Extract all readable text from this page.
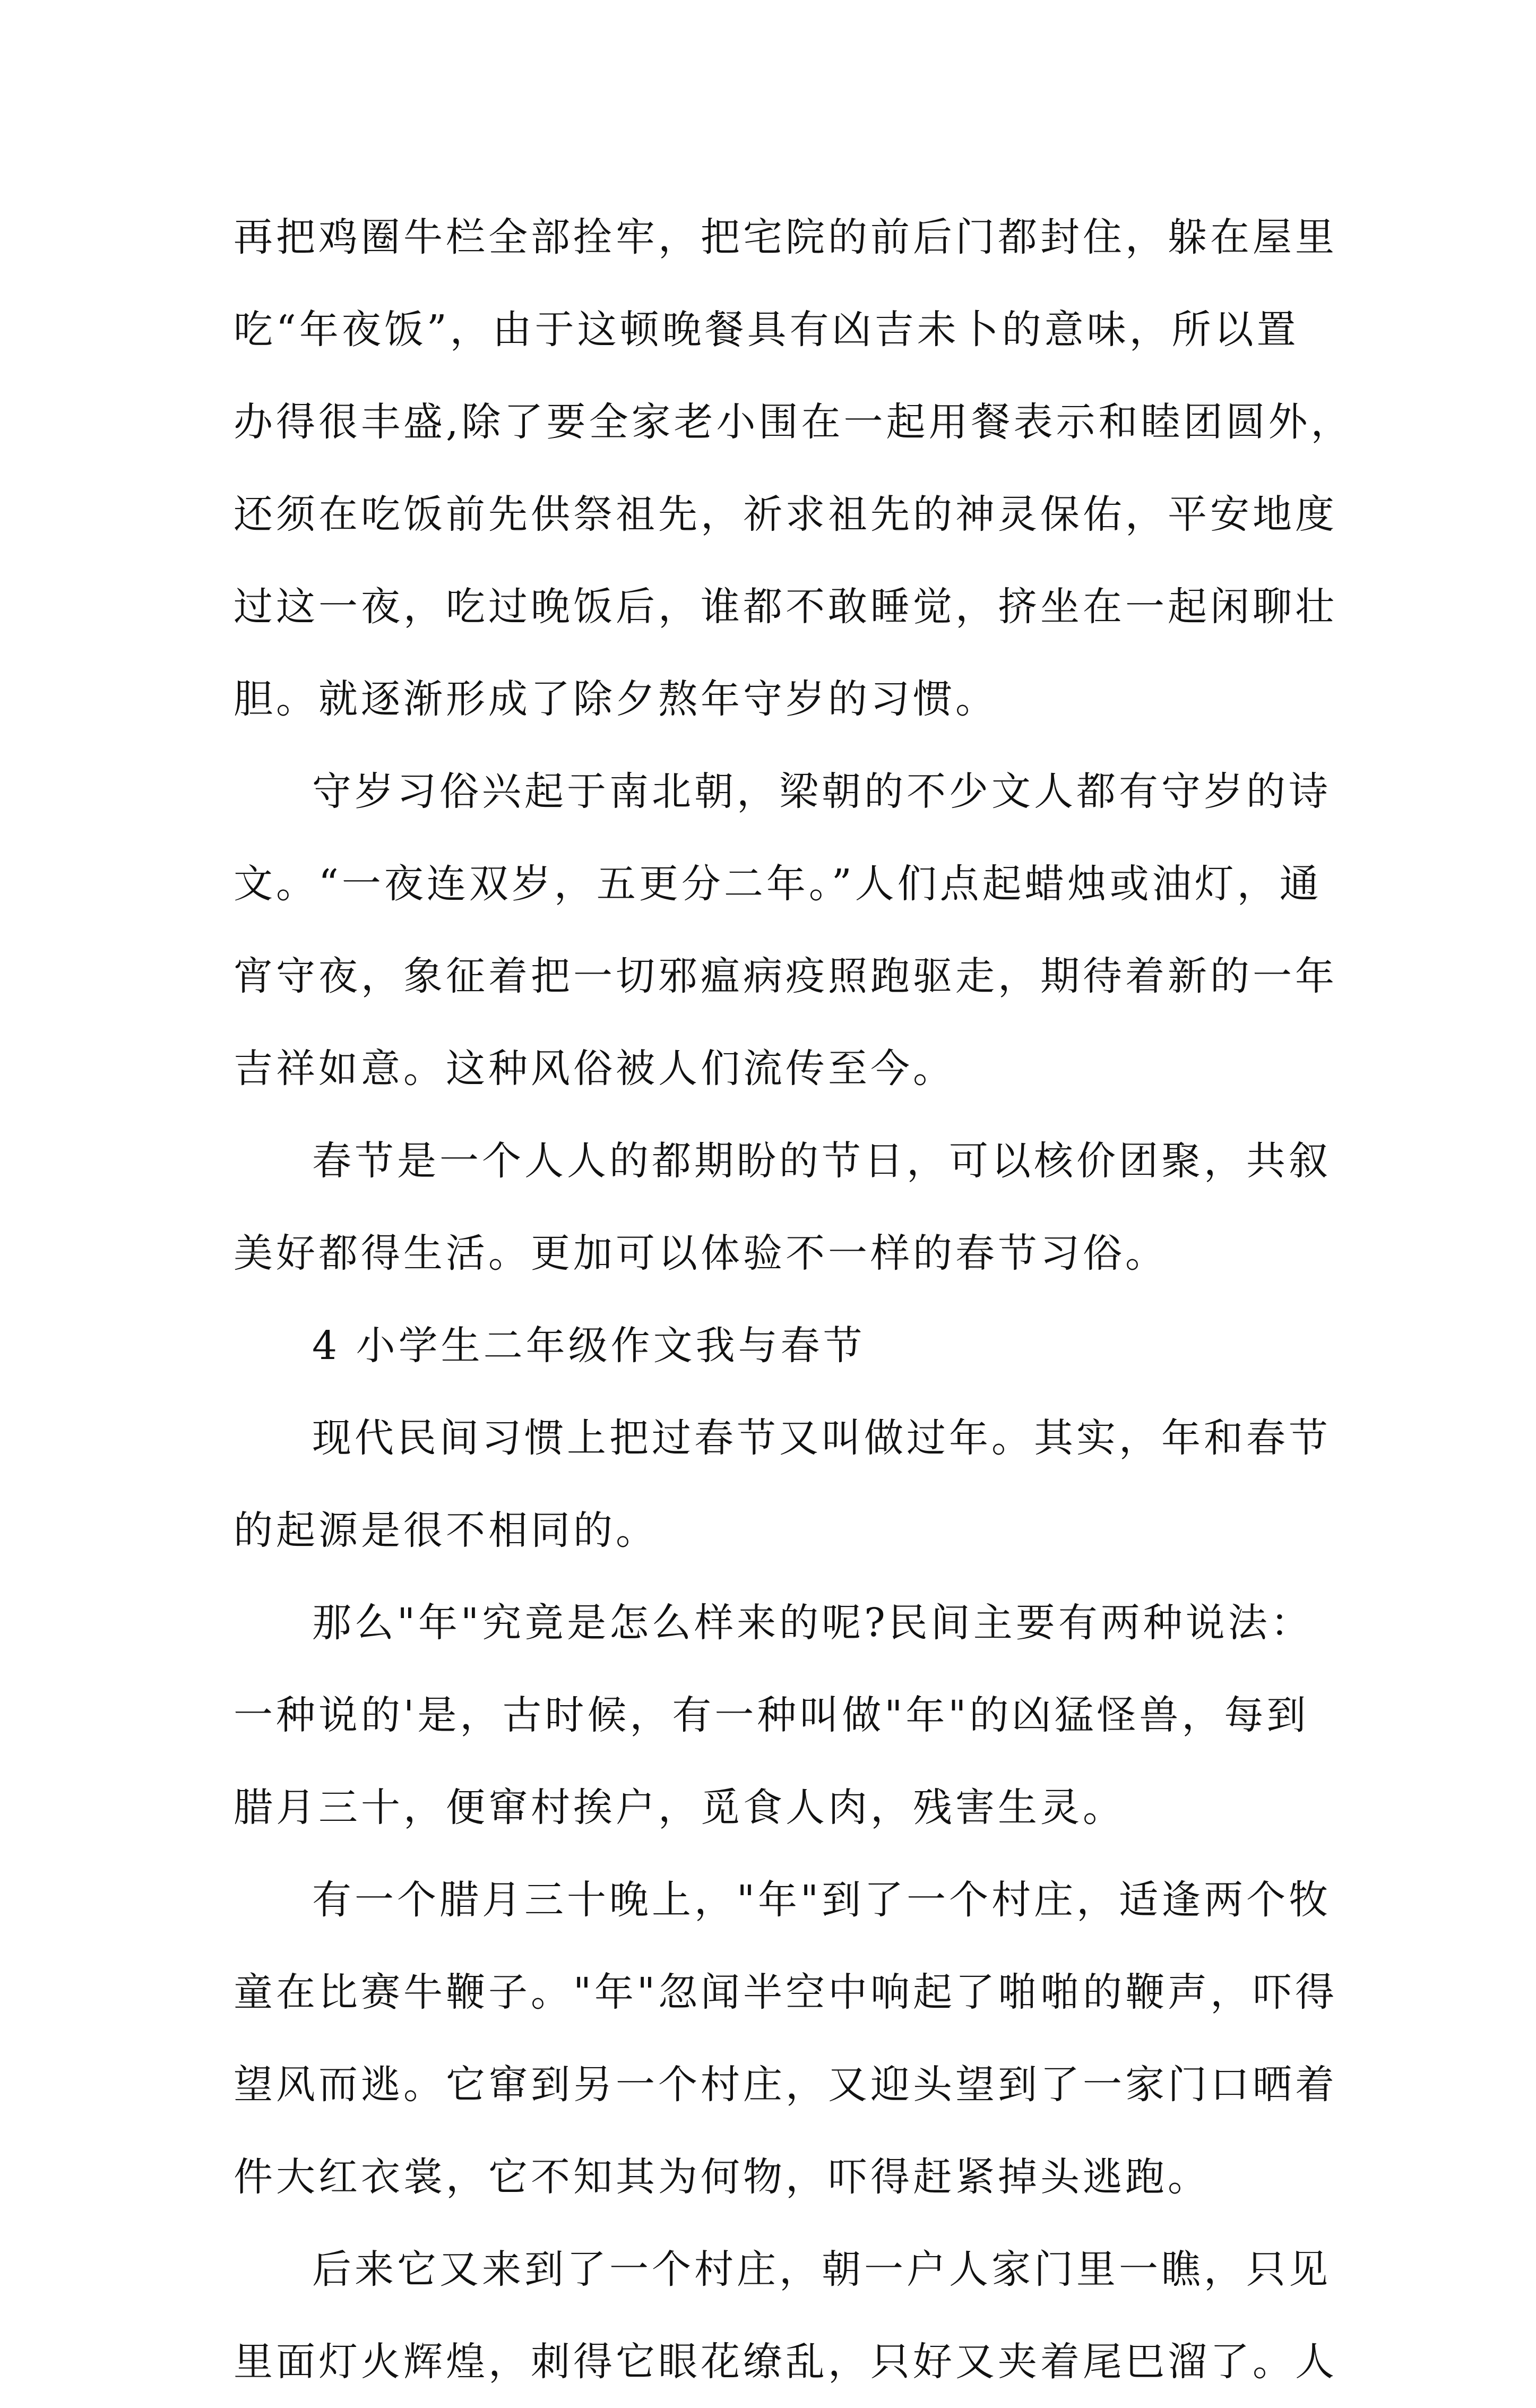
再把鸡圈牛栏全部拴牢，把宅院的前后门都封住，躲在屋里
吃“年夜饭”，由于这顿晚餐具有凶吉未卜的意味，所以置
办得很丰盛,除了要全家老小围在一起用餐表示和睦团圆外，
还须在吃饭前先供祭祖先，祈求祖先的神灵保佑，平安地度
过这一夜，吃过晚饭后，谁都不敢睡觉，挤坐在一起闲聊壮
胆。就逐渐形成了除夕熬年守岁的习惯。
守岁习俗兴起于南北朝，梁朝的不少文人都有守岁的诗
文。“一夜连双岁，五更分二年。”人们点起蜡烛或油灯，通
宵守夜，象征着把一切邪瘟病疫照跑驱走，期待着新的一年
吉祥如意。这种风俗被人们流传至今。
春节是一个人人的都期盼的节日，可以核价团聚，共叙
美好都得生活。更加可以体验不一样的春节习俗。
4 小学生二年级作文我与春节
现代民间习惯上把过春节又叫做过年。其实，年和春节
的起源是很不相同的。
那么"年"究竟是怎么样来的呢?民间主要有两种说法：
一种说的'是，古时候，有一种叫做"年"的凶猛怪兽，每到
腊月三十，便窜村挨户，觅食人肉，残害生灵。
有一个腊月三十晚上，"年"到了一个村庄，适逢两个牧
童在比赛牛鞭子。"年"忽闻半空中响起了啪啪的鞭声，吓得
望风而逃。它窜到另一个村庄，又迎头望到了一家门口晒着
件大红衣裳，它不知其为何物，吓得赶紧掉头逃跑。
后来它又来到了一个村庄，朝一户人家门里一瞧，只见
里面灯火辉煌，刺得它眼花缭乱，只好又夹着尾巴溜了。人
